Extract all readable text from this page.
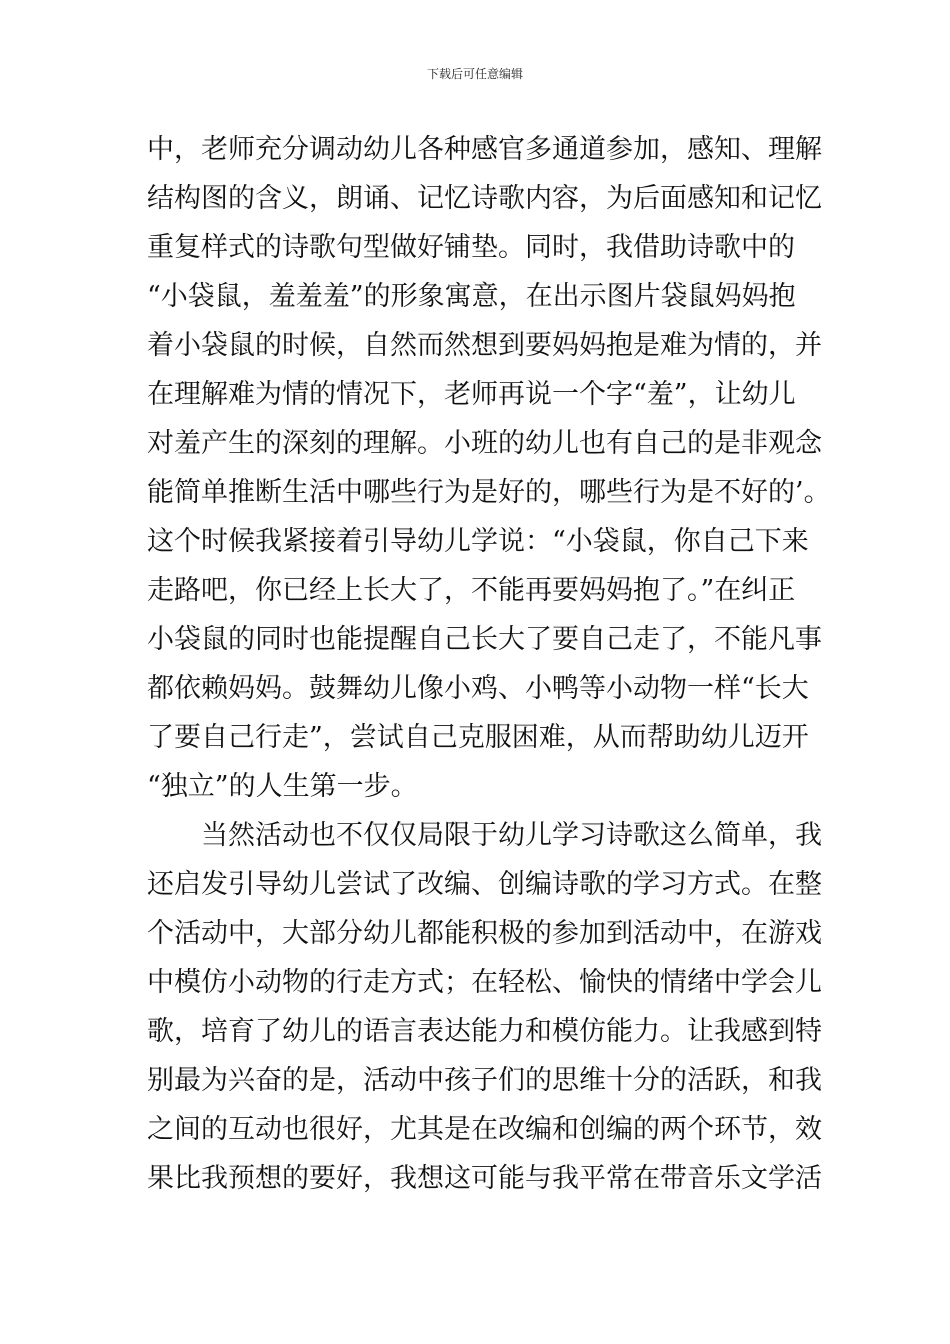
下载后可任意编辑
中，老师充分调动幼儿各种感官多通道参加，感知、理解
结构图的含义，朗诵、记忆诗歌内容，为后面感知和记忆
重复样式的诗歌句型做好铺垫。同时，我借助诗歌中的
“小袋鼠，羞羞羞”的形象寓意，在出示图片袋鼠妈妈抱
着小袋鼠的时候，自然而然想到要妈妈抱是难为情的，并
在理解难为情的情况下，老师再说一个字“羞”，让幼儿
对羞产生的深刻的理解。小班的幼儿也有自己的是非观念
能简单推断生活中哪些行为是好的，哪些行为是不好的’。
这个时候我紧接着引导幼儿学说：“小袋鼠，你自己下来
走路吧，你已经上长大了，不能再要妈妈抱了。”在纠正
小袋鼠的同时也能提醒自己长大了要自己走了，不能凡事
都依赖妈妈。鼓舞幼儿像小鸡、小鸭等小动物一样“长大
了要自己行走”，尝试自己克服困难，从而帮助幼儿迈开
“独立”的人生第一步。
当然活动也不仅仅局限于幼儿学习诗歌这么简单，我
还启发引导幼儿尝试了改编、创编诗歌的学习方式。在整
个活动中，大部分幼儿都能积极的参加到活动中，在游戏
中模仿小动物的行走方式；在轻松、愉快的情绪中学会儿
歌，培育了幼儿的语言表达能力和模仿能力。让我感到特
别最为兴奋的是，活动中孩子们的思维十分的活跃，和我
之间的互动也很好，尤其是在改编和创编的两个环节，效
果比我预想的要好，我想这可能与我平常在带音乐文学活
